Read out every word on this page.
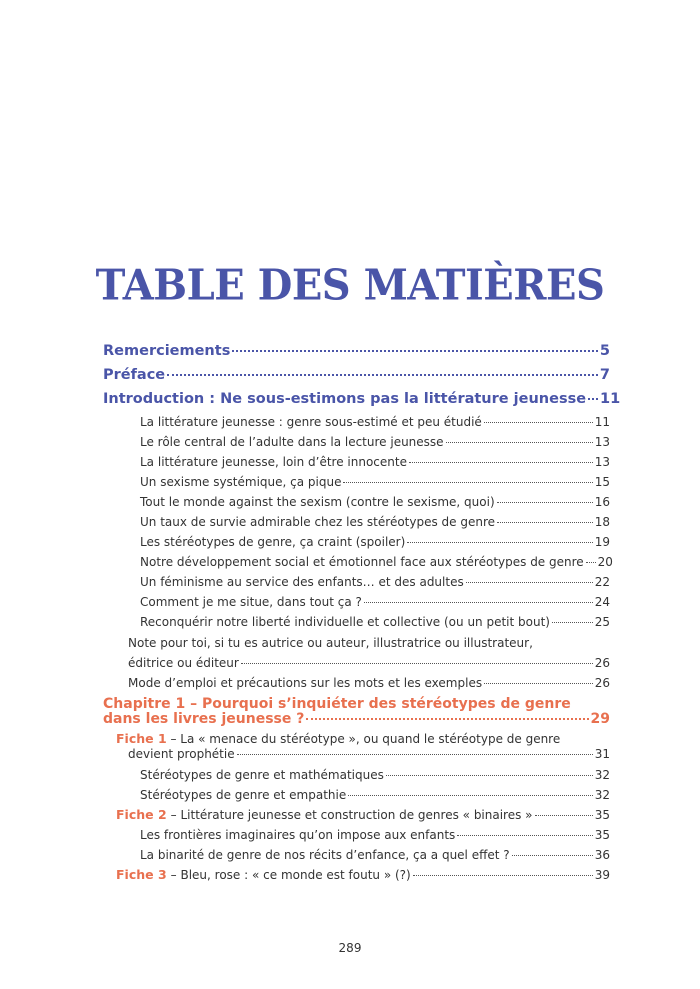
TABLE DES MATIÈRES
Remerciements	5
Préface	7
Introduction : Ne sous-estimons pas la littérature jeunesse 11
La littérature jeunesse : genre sous-estimé et peu étudié	11
Le rôle central de l’adulte dans la lecture jeunesse	13
La littérature jeunesse, loin d’être innocente	13
Un sexisme systémique, ça pique	15
Tout le monde against the sexism (contre le sexisme, quoi)	16
Un taux de survie admirable chez les stéréotypes de genre	18
Les stéréotypes de genre, ça craint (spoiler)	19
Notre développement social et émotionnel face aux stéréotypes de genre 20
Un féminisme au service des enfants… et des adultes	22
Comment je me situe, dans tout ça ?	24
Reconquérir notre liberté individuelle et collective (ou un petit bout)	25
Note pour toi, si tu es autrice ou auteur, illustratrice ou illustrateur,
éditrice ou éditeur	26
Mode d’emploi et précautions sur les mots et les exemples	26
Chapitre 1 – Pourquoi s’inquiéter des stéréotypes de genre
dans les livres jeunesse ?	29
Fiche 1 – La « menace du stéréotype », ou quand le stéréotype de genre
devient prophétie	31
Stéréotypes de genre et mathématiques	32
Stéréotypes de genre et empathie	32
Fiche 2 – Littérature jeunesse et construction de genres « binaires »	35
Les frontières imaginaires qu’on impose aux enfants	35
La binarité de genre de nos récits d’enfance, ça a quel effet ?	36
Fiche 3 – Bleu, rose : « ce monde est foutu » (?)	39
289
